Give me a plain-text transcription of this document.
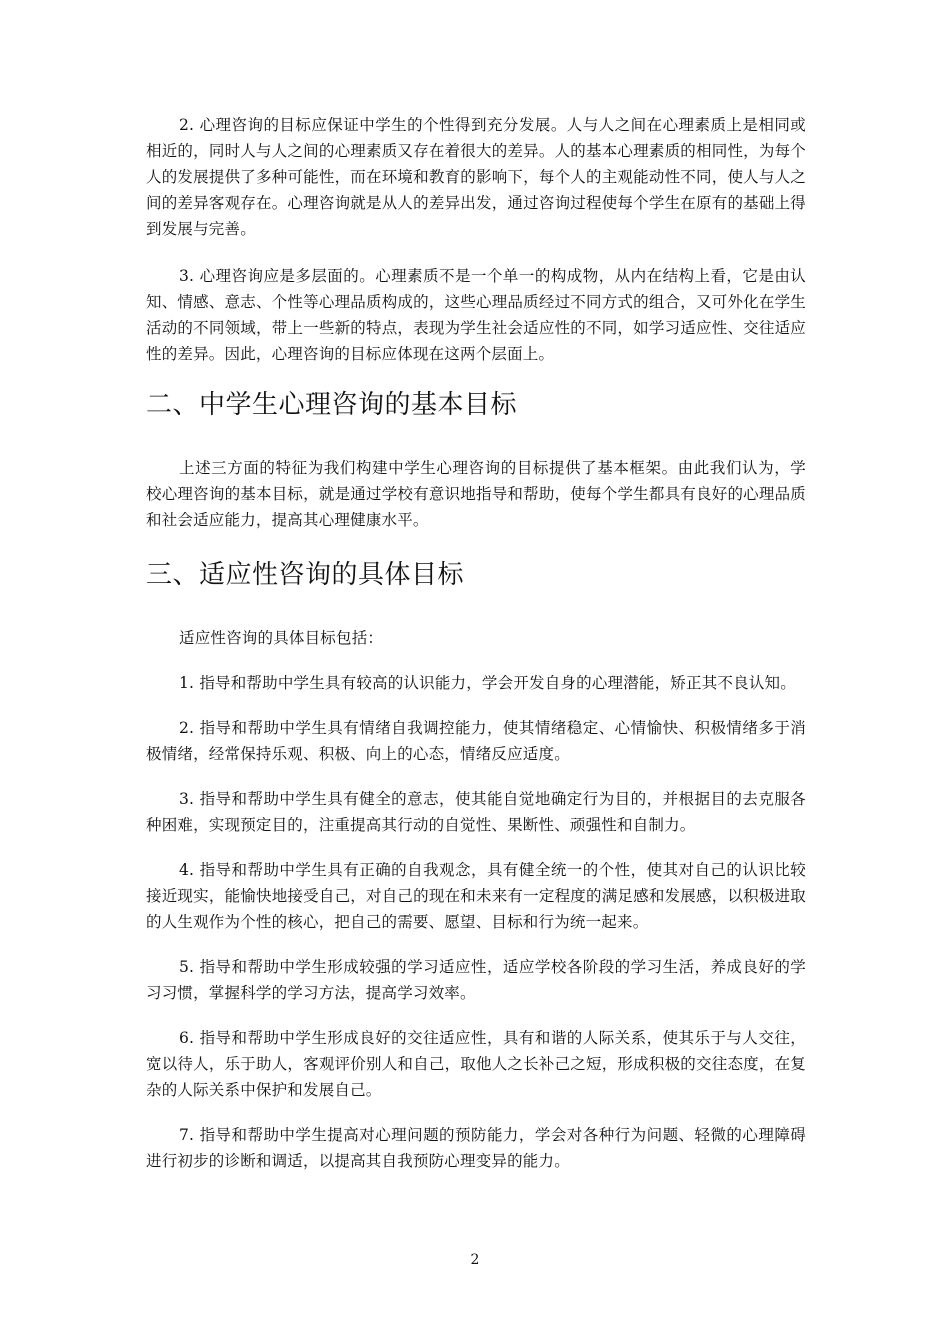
2. 心理咨询的目标应保证中学生的个性得到充分发展。人与人之间在心理素质上是相同或相近的，同时人与人之间的心理素质又存在着很大的差异。人的基本心理素质的相同性，为每个人的发展提供了多种可能性，而在环境和教育的影响下，每个人的主观能动性不同，使人与人之间的差异客观存在。心理咨询就是从人的差异出发，通过咨询过程使每个学生在原有的基础上得到发展与完善。

3. 心理咨询应是多层面的。心理素质不是一个单一的构成物，从内在结构上看，它是由认知、情感、意志、个性等心理品质构成的，这些心理品质经过不同方式的组合，又可外化在学生活动的不同领域，带上一些新的特点，表现为学生社会适应性的不同，如学习适应性、交往适应性的差异。因此，心理咨询的目标应体现在这两个层面上。

二、中学生心理咨询的基本目标

上述三方面的特征为我们构建中学生心理咨询的目标提供了基本框架。由此我们认为，学校心理咨询的基本目标，就是通过学校有意识地指导和帮助，使每个学生都具有良好的心理品质和社会适应能力，提高其心理健康水平。

三、适应性咨询的具体目标

适应性咨询的具体目标包括：

1. 指导和帮助中学生具有较高的认识能力，学会开发自身的心理潜能，矫正其不良认知。

2. 指导和帮助中学生具有情绪自我调控能力，使其情绪稳定、心情愉快、积极情绪多于消极情绪，经常保持乐观、积极、向上的心态，情绪反应适度。

3. 指导和帮助中学生具有健全的意志，使其能自觉地确定行为目的，并根据目的去克服各种困难，实现预定目的，注重提高其行动的自觉性、果断性、顽强性和自制力。

4. 指导和帮助中学生具有正确的自我观念，具有健全统一的个性，使其对自己的认识比较接近现实，能愉快地接受自己，对自己的现在和未来有一定程度的满足感和发展感，以积极进取的人生观作为个性的核心，把自己的需要、愿望、目标和行为统一起来。

5. 指导和帮助中学生形成较强的学习适应性，适应学校各阶段的学习生活，养成良好的学习习惯，掌握科学的学习方法，提高学习效率。

6. 指导和帮助中学生形成良好的交往适应性，具有和谐的人际关系，使其乐于与人交往，宽以待人，乐于助人，客观评价别人和自己，取他人之长补己之短，形成积极的交往态度，在复杂的人际关系中保护和发展自己。

7. 指导和帮助中学生提高对心理问题的预防能力，学会对各种行为问题、轻微的心理障碍进行初步的诊断和调适，以提高其自我预防心理变异的能力。

2
